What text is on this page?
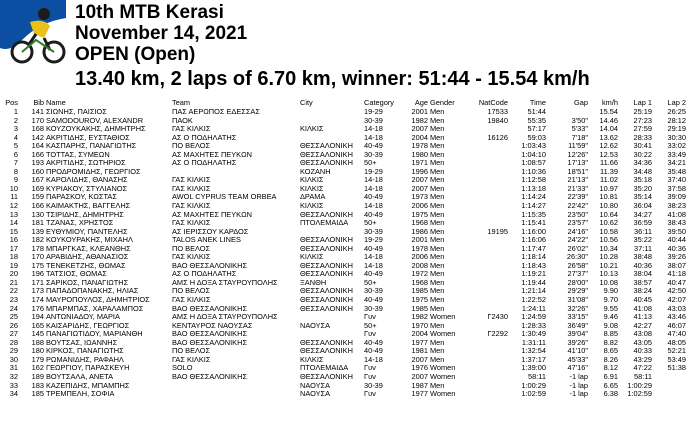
10th MTB Kerasi
November 14, 2021
OPEN (Open)
13.40 km, 2 laps of 6.70 km, winner: 51:44 - 15.54 km/h
Pos	Bib	Name	Team	City	Category	Age	Gender	NatCode	Time	Gap	km/h	Lap 1	Lap 2
1	141	ΣΙΩΝΗΣ, ΠΑΙΣΙΟΣ	ΠΑΣ ΑΕΡΩΠΟΣ ΕΔΕΣΣΑΣ		19-29	2001	Men	17533	51:44		15.54	25:19	26:25
2	170	SAMODOUROV, ALEXANDR	ΠΑΟΚ		30-39	1982	Men	19840	55:35	3'50"	14.46	27:23	28:12
3	168	ΚΟΥΖΟΥΚΑΚΗΣ, ΔΗΜΗΤΡΗΣ	ΓΑΣ ΚΙΛΚΙΣ	ΚΙΛΚΙΣ	14-18	2007	Men		57:17	5'33"	14.04	27:59	29:19
4	142	ΑΚΡΙΤΙΔΗΣ, ΕΥΣΤΑΘΙΟΣ	ΑΣ Ο ΠΟΔΗΛΑΤΗΣ		14-18	2004	Men	16126	59:03	7'18"	13.62	28:33	30:30
5	164	ΚΑΣΠΑΡΗΣ, ΠΑΝΑΓΙΩΤΗΣ	ΠΟ ΒΕΛΟΣ	ΘΕΣΣΑΛΟΝΙΚΗ	40-49	1978	Men		1:03:43	11'59"	12.62	30:41	33:02
6	166	ΤΟΤΤΑΣ, ΣΥΜΕΩΝ	ΑΣ ΜΑΧΗΤΕΣ ΠΕΥΚΩΝ	ΘΕΣΣΑΛΟΝΙΚΗ	30-39	1980	Men		1:04:10	12'26"	12.53	30:22	33:49
7	193	ΑΚΡΙΤΙΔΗΣ, ΣΩΤΗΡΙΟΣ	ΑΣ Ο ΠΟΔΗΛΑΤΗΣ	ΘΕΣΣΑΛΟΝΙΚΗ	50+	1971	Men		1:08:57	17'13"	11.66	34:36	34:21
8	160	ΠΡΟΔΡΟΜΙΔΗΣ, ΓΕΩΡΓΙΟΣ		ΚΟΖΑΝΗ	19-29	1996	Men		1:10:36	18'51"	11.39	34:48	35:48
9	167	ΚΑΡΟΛΙΔΗΣ, ΘΑΝΑΣΗΣ	ΓΑΣ ΚΙΛΚΙΣ	ΚΙΛΚΙΣ	14-18	2007	Men		1:12:58	21'13"	11.02	35:18	37:40
10	169	ΚΥΡΙΑΚΟΥ, ΣΤΥΛΙΑΝΟΣ	ΓΑΣ ΚΙΛΚΙΣ	ΚΙΛΚΙΣ	14-18	2007	Men		1:13:18	21'33"	10.97	35:20	37:58
11	159	ΠΑΡΑΣΚΟΥ, ΚΩΣΤΑΣ	AWOL CYPRUS TEAM ORBEA	ΔΡΑΜΑ	40-49	1973	Men		1:14:24	22'39"	10.81	35:14	39:09
12	166	ΚΑΙΜΑΚΤΗΣ, ΒΑΓΓΕΛΗΣ	ΓΑΣ ΚΙΛΚΙΣ	ΚΙΛΚΙΣ	14-18	2006	Men		1:14:27	22'42"	10.80	36:04	38:23
13	130	ΤΣΙΡΙΔΗΣ, ΔΗΜΗΤΡΗΣ	ΑΣ ΜΑΧΗΤΕΣ ΠΕΥΚΩΝ	ΘΕΣΣΑΛΟΝΙΚΗ	40-49	1975	Men		1:15:35	23'50"	10.64	34:27	41:08
14	181	ΤΖΑΝΑΣ, ΧΡΗΣΤΟΣ	ΓΑΣ ΚΙΛΚΙΣ	ΠΤΟΛΕΜΑΙΔΑ	50+	1968	Men		1:15:41	23'57"	10.62	36:59	38:43
15	139	ΕΥΘΥΜΙΟΥ, ΠΑΝΤΕΛΗΣ	ΑΣ ΙΕΡΙΣΣΟΥ ΚΑΡΔΟΣ		30-39	1986	Men	19195	1:16:00	24'16"	10.58	36:11	39:50
16	182	ΚΟΥΚΟΥΡΑΚΗΣ, ΜΙΧΑΗΛ	TALOS ANEK LINES	ΘΕΣΣΑΛΟΝΙΚΗ	19-29	2001	Men		1:16:06	24'22"	10.56	35:22	40:44
17	178	ΜΠΑΡΓΚΑΣ, ΚΛΕΑΝΘΗΣ	ΠΟ ΒΕΛΟΣ	ΘΕΣΣΑΛΟΝΙΚΗ	40-49	1978	Men		1:17:47	26'02"	10.34	37:11	40:36
18	170	ΑΡΑΒΙΔΗΣ, ΑΘΑΝΑΣΙΟΣ	ΓΑΣ ΚΙΛΚΙΣ	ΚΙΛΚΙΣ	14-18	2006	Men		1:18:14	26:30"	10.28	38:48	39:26
19	175	ΤΕΝΕΚΕΤΖΗΣ, ΘΩΜΑΣ	ΒΑΟ ΘΕΣΣΑΛΟΝΙΚΗΣ	ΘΕΣΣΑΛΟΝΙΚΗ	14-18	2008	Men		1:18:43	26'58"	10.21	40:36	38:07
20	196	ΤΑΤΣΙΟΣ, ΘΩΜΑΣ	ΑΣ Ο ΠΟΔΗΛΑΤΗΣ	ΘΕΣΣΑΛΟΝΙΚΗ	40-49	1972	Men		1:19:21	27'37"	10.13	38:04	41:18
21	171	ΣΑΡΙΚΟΣ, ΠΑΝΑΓΙΩΤΗΣ	ΑΜΣ Η ΔΟΞΑ ΣΤΑΥΡΟΥΠΟΛΗΣ	ΞΑΝΘΗ	50+	1968	Men		1:19:44	28'00"	10.08	38:57	40:47
22	173	ΠΑΠΑΔΟΠΑΝΑΚΗΣ, ΗΛΙΑΣ	ΠΟ ΒΕΛΟΣ	ΘΕΣΣΑΛΟΝΙΚΗ	30-39	1985	Men		1:21:14	29'29"	9.90	38:24	42:50
23	174	ΜΑΥΡΟΠΟΥΛΟΣ, ΔΗΜΗΤΡΙΟΣ	ΓΑΣ ΚΙΛΚΙΣ	ΘΕΣΣΑΛΟΝΙΚΗ	40-49	1975	Men		1:22:52	31'08"	9.70	40:45	42:07
24	176	ΜΠΑΡΜΠΑΣ, ΧΑΡΑΛΑΜΠΟΣ	ΒΑΟ ΘΕΣΣΑΛΟΝΙΚΗΣ	ΘΕΣΣΑΛΟΝΙΚΗ	30-39	1985	Men		1:24:11	32'26"	9.55	41:08	43:03
25	194	ΑΝΤΩΝΙΑΔΟΥ, ΜΑΡΙΑ	ΑΜΣ Η ΔΟΞΑ ΣΤΑΥΡΟΥΠΟΛΗΣ		Γυν	1982	Women	Γ2430	1:24:59	33'15"	9.46	41:13	43:46
26	165	ΚΑΙΣΑΡΙΔΗΣ, ΓΕΩΡΓΙΟΣ	ΚΕΝΤΑΥΡΟΣ ΝΑΟΥΣΑΣ	ΝΑΟΥΣΑ	50+	1970	Men		1:28:33	36'49"	9.08	42:27	46:07
27	145	ΠΑΝΑΓΙΩΤΙΔΟΥ, ΜΑΡΙΑΝΘΗ	ΒΑΟ ΘΕΣΣΑΛΟΝΙΚΗΣ		Γυν	2004	Women	Γ2292	1:30:49	39'04"	8.85	43:08	47:40
28	188	ΒΟΥΤΣΑΣ, ΙΩΑΝΝΗΣ	ΒΑΟ ΘΕΣΣΑΛΟΝΙΚΗΣ	ΘΕΣΣΑΛΟΝΙΚΗ	40-49	1977	Men		1:31:11	39'26"	8.82	43:05	48:05
29	180	ΚΙΡΚΟΣ, ΠΑΝΑΓΙΩΤΗΣ	ΠΟ ΒΕΛΟΣ	ΘΕΣΣΑΛΟΝΙΚΗ	40-49	1981	Men		1:32:54	41'10"	8.65	40:33	52:21
30	179	ΡΩΜΑΝΙΔΗΣ, ΡΑΦΑΗΛ	ΓΑΣ ΚΙΛΚΙΣ	ΚΙΛΚΙΣ	14-18	2007	Men		1:37:17	45'33"	8.26	43:29	53:49
31	162	ΓΕΩΡΓΙΟΥ, ΠΑΡΑΣΚΕΥΗ	SOLO	ΠΤΟΛΕΜΑΙΔΑ	Γυν	1976	Women		1:39:00	47'16"	8.12	47:22	51:38
32	189	ΒΟΥΤΣΑΛΑ, ΑΝΕΤΑ	ΒΑΟ ΘΕΣΣΑΛΟΝΙΚΗΣ	ΘΕΣΣΑΛΟΝΙΚΗ	Γυν	2007	Women		58:11	-1 lap	6.91	58:11	
33	183	ΚΑΖΕΠΙΔΗΣ, ΜΠΑΜΠΗΣ		ΝΑΟΥΣΑ	30-39	1987	Men		1:00:29	-1 lap	6.65	1:00:29	
34	185	ΤΡΕΜΠΕΛΗ, ΣΟΦΙΑ		ΝΑΟΥΣΑ	Γυν	1977	Women		1:02:59	-1 lap	6.38	1:02:59	
